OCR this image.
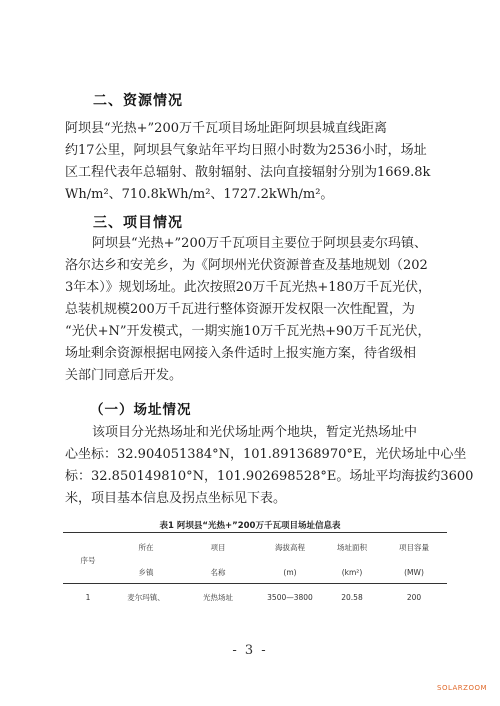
二、资源情况

阿坝县“光热+”200万千瓦项目场址距阿坝县城直线距离
约17公里，阿坝县气象站年平均日照小时数为2536小时，场址
区工程代表年总辐射、散射辐射、法向直接辐射分别为1669.8k
Wh/m²、710.8kWh/m²、1727.2kWh/m²。

三、项目情况

阿坝县“光热+”200万千瓦项目主要位于阿坝县麦尔玛镇、
洛尔达乡和安羌乡，为《阿坝州光伏资源普查及基地规划（202
3年本）》规划场址。此次按照20万千瓦光热+180万千瓦光伏，
总装机规模200万千瓦进行整体资源开发权限一次性配置，为
“光伏+N”开发模式，一期实施10万千瓦光热+90万千瓦光伏，
场址剩余资源根据电网接入条件适时上报实施方案，待省级相
关部门同意后开发。

（一）场址情况

该项目分光热场址和光伏场址两个地块，暂定光热场址中
心坐标：32.904051384°N，101.891368970°E，光伏场址中心坐
标：32.850149810°N，101.902698528°E。场址平均海拔约3600
米，项目基本信息及拐点坐标见下表。

表1 阿坝县“光热+”200万千瓦项目场址信息表
	所在	项目	海拔高程	场址面积	项目容量
序号	乡镇	名称	(m)	(km²)	(MW)
1	麦尔玛镇、	光热场址	3500—3800	20.58	200
- 3 -
SOLARZOOM
